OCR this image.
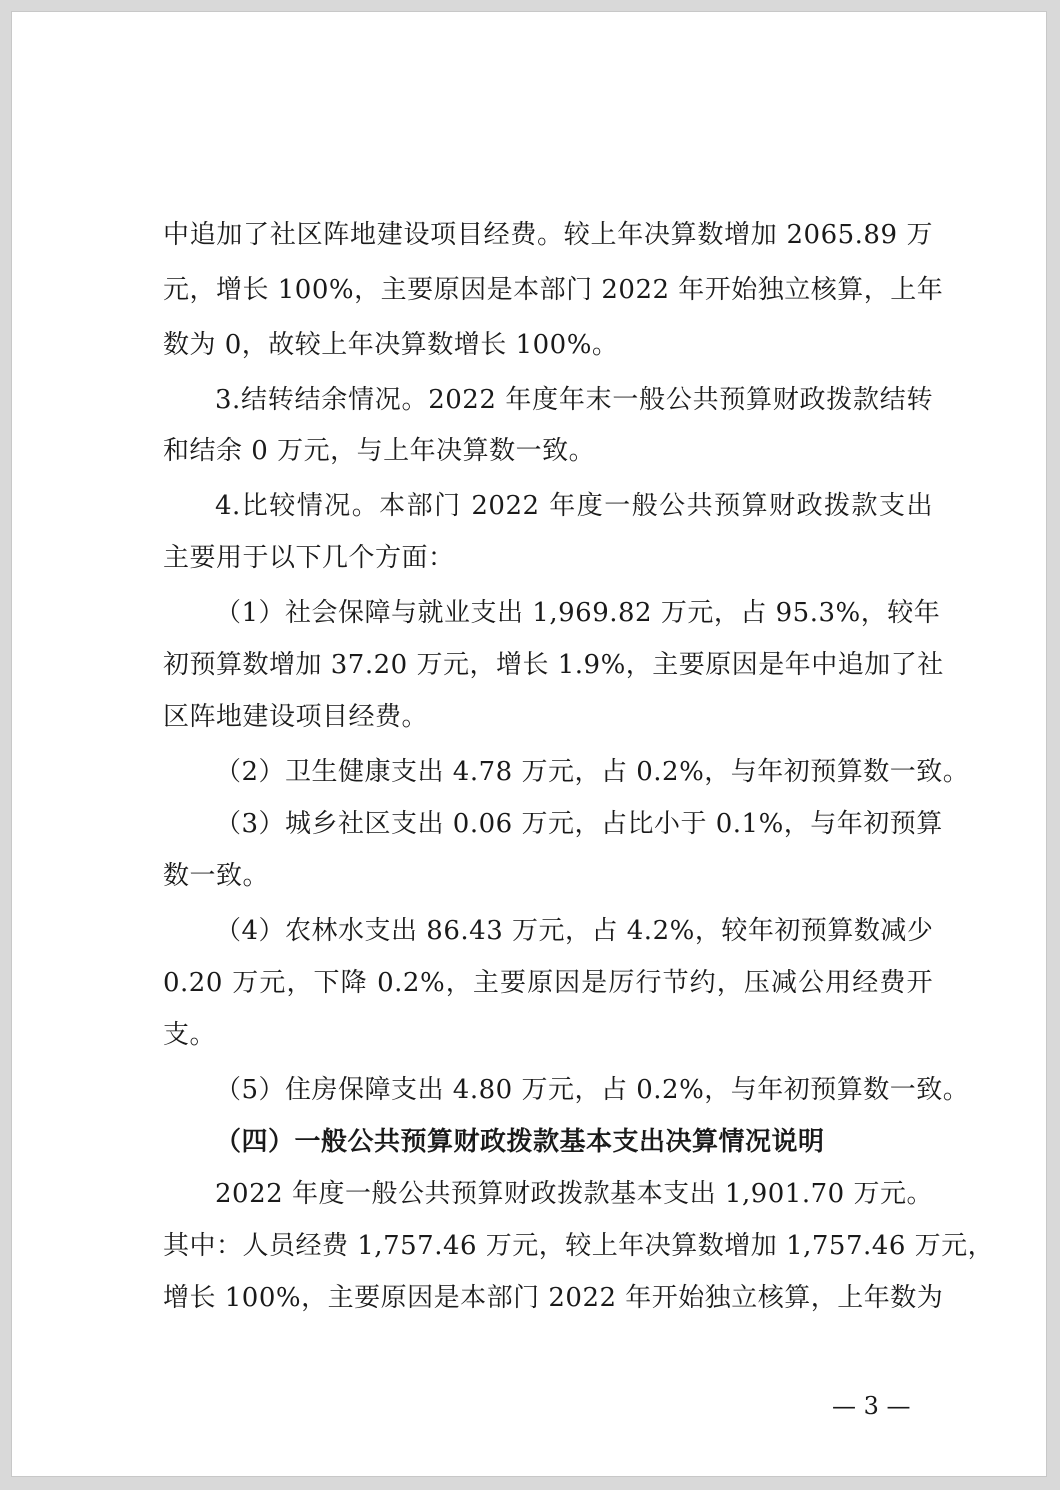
中追加了社区阵地建设项目经费。较上年决算数增加 2065.89 万
元，增长 100%，主要原因是本部门 2022 年开始独立核算，上年
数为 0，故较上年决算数增长 100%。
3.结转结余情况。2022 年度年末一般公共预算财政拨款结转
和结余 0 万元，与上年决算数一致。
4.比较情况。本部门 2022 年度一般公共预算财政拨款支出
主要用于以下几个方面：
（1）社会保障与就业支出 1,969.82 万元，占 95.3%，较年
初预算数增加 37.20 万元，增长 1.9%，主要原因是年中追加了社
区阵地建设项目经费。
（2）卫生健康支出 4.78 万元，占 0.2%，与年初预算数一致。
（3）城乡社区支出 0.06 万元，占比小于 0.1%，与年初预算
数一致。
（4）农林水支出 86.43 万元，占 4.2%，较年初预算数减少
0.20 万元，下降 0.2%，主要原因是厉行节约，压减公用经费开
支。
（5）住房保障支出 4.80 万元，占 0.2%，与年初预算数一致。
（四）一般公共预算财政拨款基本支出决算情况说明
2022 年度一般公共预算财政拨款基本支出 1,901.70 万元。
其中：人员经费 1,757.46 万元，较上年决算数增加 1,757.46 万元，
增长 100%，主要原因是本部门 2022 年开始独立核算，上年数为
— 3 —
